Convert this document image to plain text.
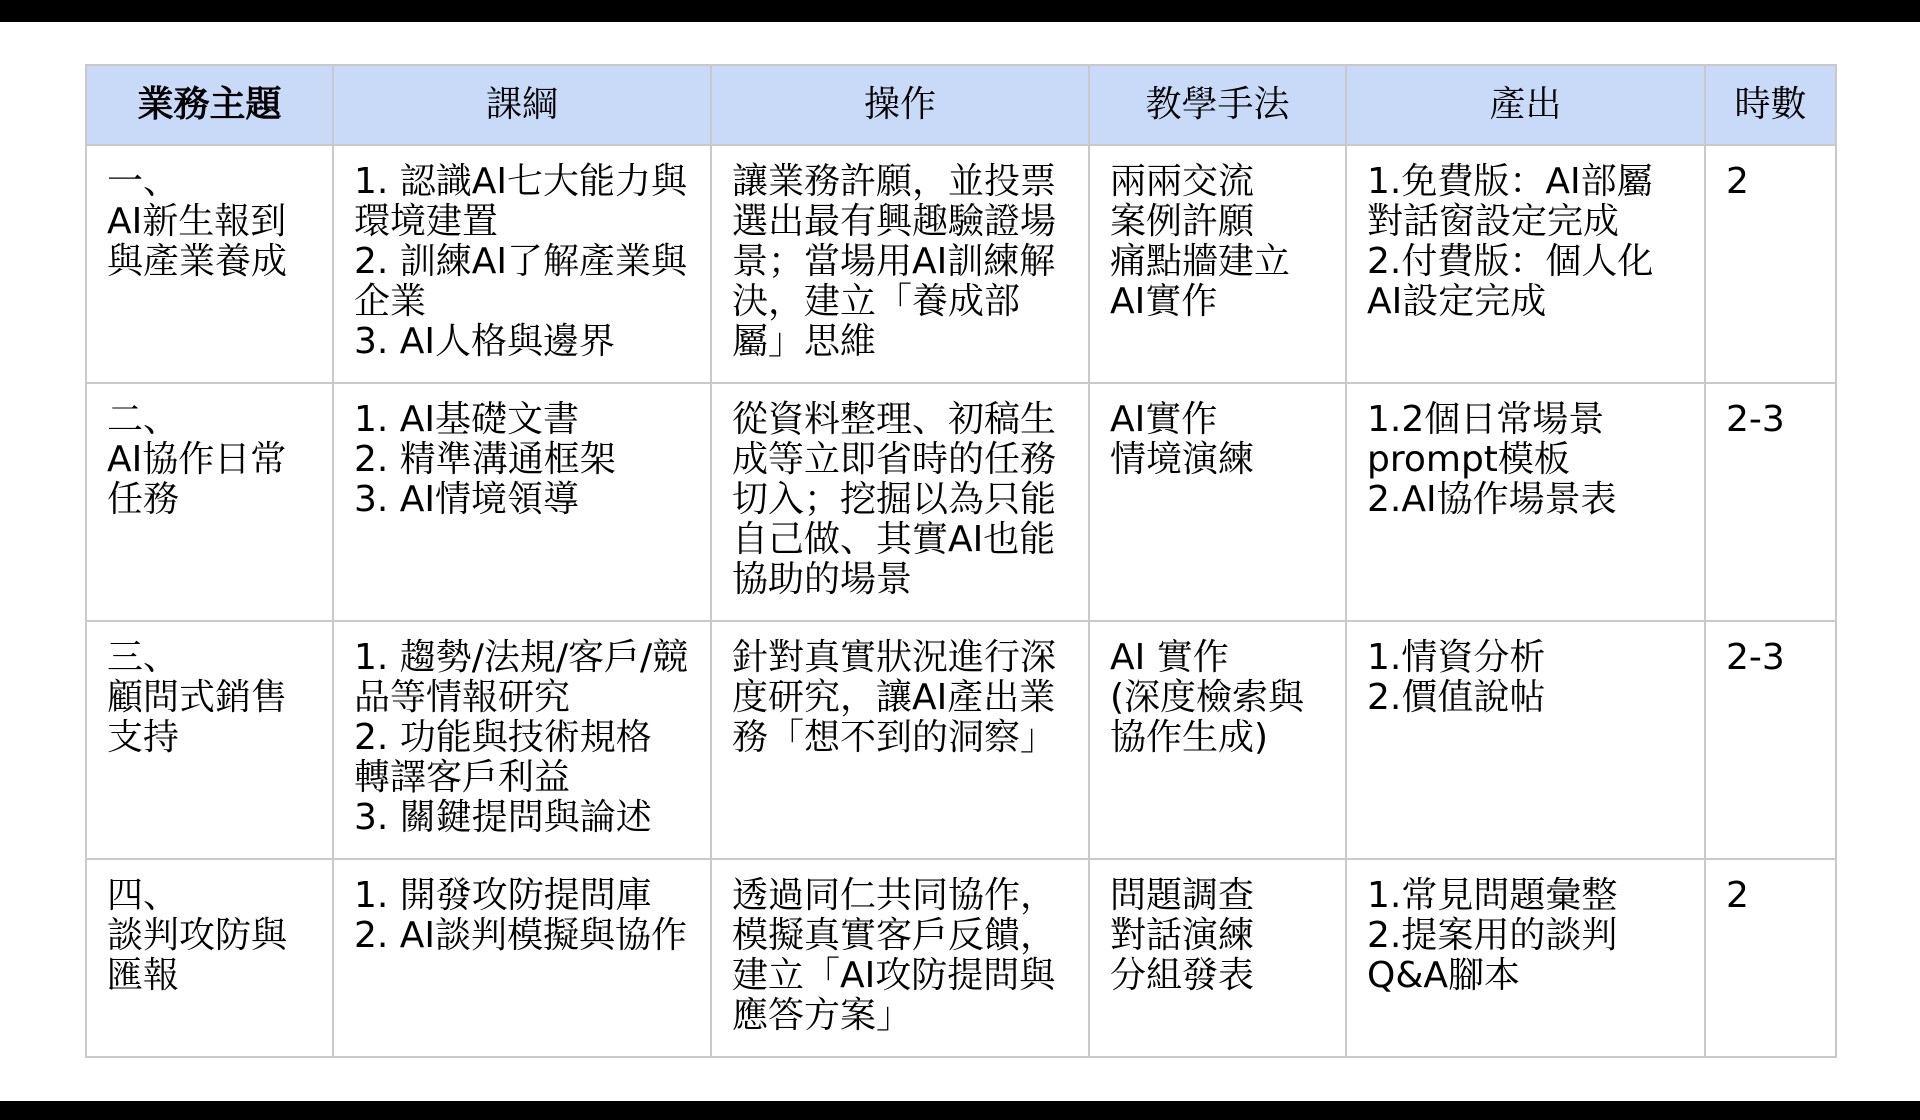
業務主題	課綱	操作	教學手法	產出	時數

一、
AI新生報到
與產業養成	1. 認識AI七大能力與
環境建置
2. 訓練AI了解產業與
企業
3. AI人格與邊界	讓業務許願，並投票
選出最有興趣驗證場
景；當場用AI訓練解
決，建立「養成部
屬」思維	兩兩交流
案例許願
痛點牆建立
AI實作	1.免費版：AI部屬
對話窗設定完成
2.付費版：個人化
AI設定完成	2

二、
AI協作日常
任務	1. AI基礎文書
2. 精準溝通框架
3. AI情境領導	從資料整理、初稿生
成等立即省時的任務
切入；挖掘以為只能
自己做、其實AI也能
協助的場景	AI實作
情境演練	1.2個日常場景
prompt模板
2.AI協作場景表	2-3

三、
顧問式銷售
支持	1. 趨勢/法規/客戶/競
品等情報研究
2. 功能與技術規格
轉譯客戶利益
3. 關鍵提問與論述	針對真實狀況進行深
度研究，讓AI產出業
務「想不到的洞察」	AI 實作
(深度檢索與
協作生成)	1.情資分析
2.價值說帖	2-3

四、
談判攻防與
匯報	1. 開發攻防提問庫
2. AI談判模擬與協作	透過同仁共同協作，
模擬真實客戶反饋，
建立「AI攻防提問與
應答方案」	問題調查
對話演練
分組發表	1.常見問題彙整
2.提案用的談判
Q&A腳本	2
